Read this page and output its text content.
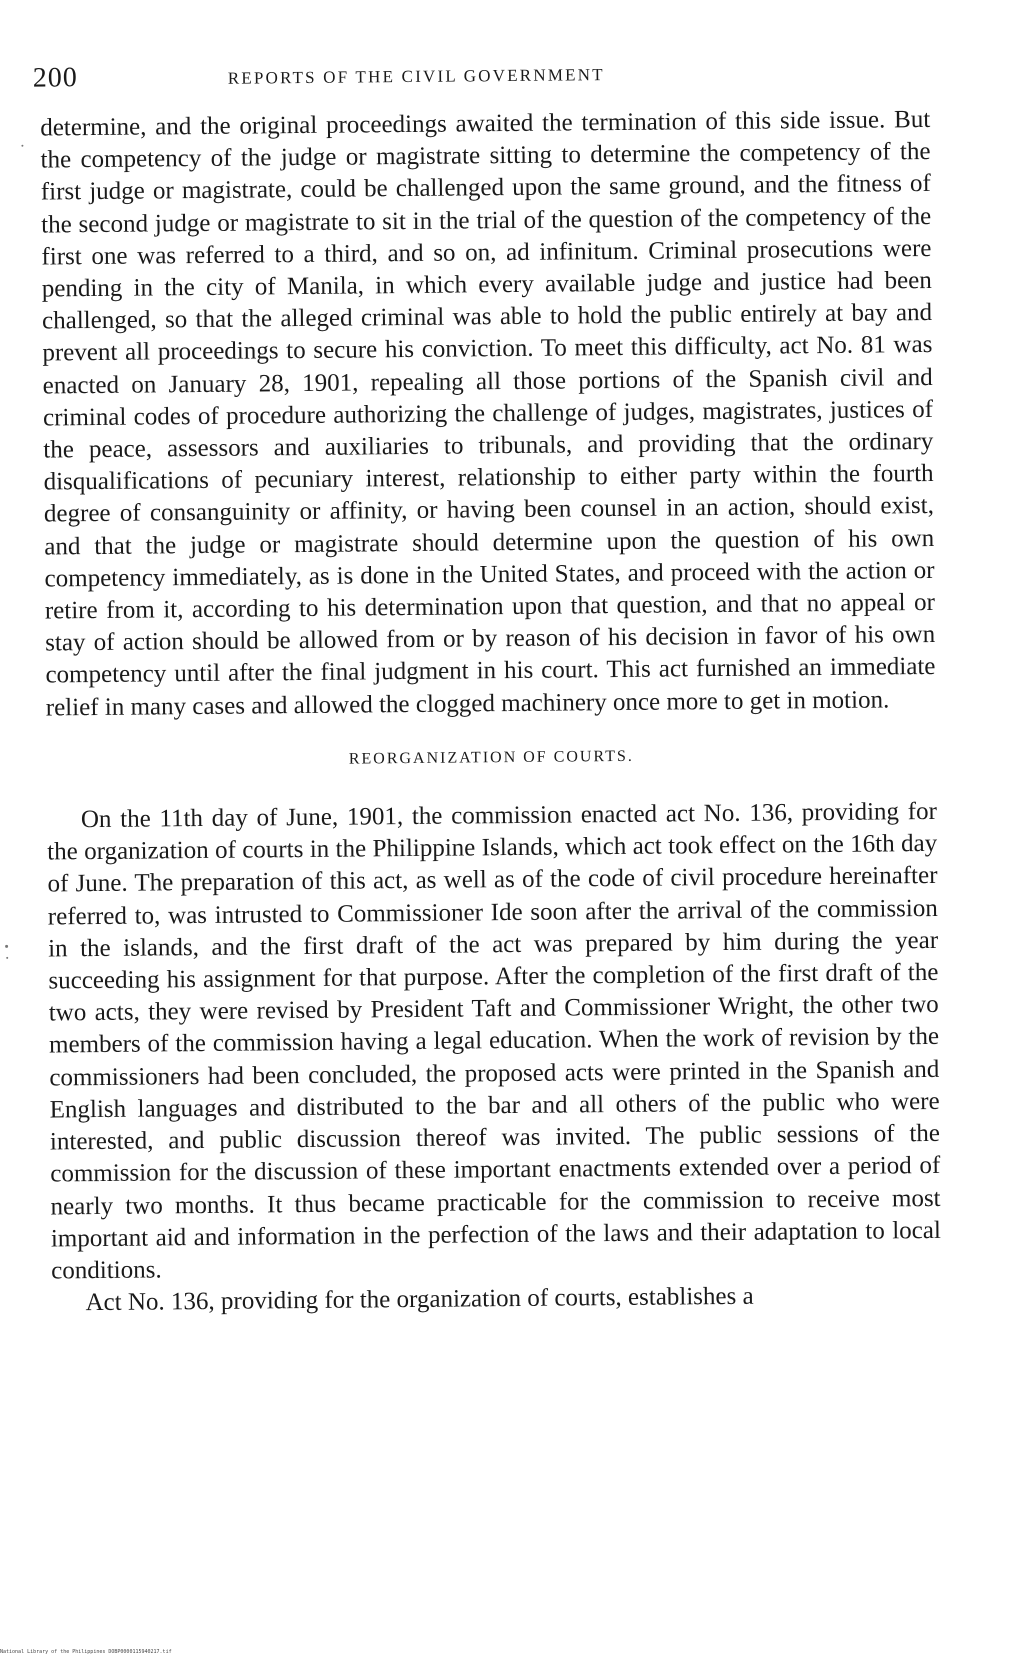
200	REPORTS OF THE CIVIL GOVERNMENT

determine, and the original proceedings awaited the termination of this side issue. But the competency of the judge or magistrate sitting to determine the competency of the first judge or magistrate, could be challenged upon the same ground, and the fitness of the second judge or magistrate to sit in the trial of the question of the competency of the first one was referred to a third, and so on, ad infinitum. Criminal prosecutions were pending in the city of Manila, in which every available judge and justice had been challenged, so that the alleged criminal was able to hold the public entirely at bay and prevent all proceedings to secure his conviction. To meet this difficulty, act No. 81 was enacted on January 28, 1901, repealing all those portions of the Spanish civil and criminal codes of procedure authorizing the challenge of judges, magistrates, justices of the peace, assessors and auxiliaries to tribunals, and providing that the ordinary disqualifications of pecuniary interest, relationship to either party within the fourth degree of consanguinity or affinity, or having been counsel in an action, should exist, and that the judge or magistrate should determine upon the question of his own competency immediately, as is done in the United States, and proceed with the action or retire from it, according to his determination upon that question, and that no appeal or stay of action should be allowed from or by reason of his decision in favor of his own competency until after the final judgment in his court. This act furnished an immediate relief in many cases and allowed the clogged machinery once more to get in motion.

REORGANIZATION OF COURTS.

On the 11th day of June, 1901, the commission enacted act No. 136, providing for the organization of courts in the Philippine Islands, which act took effect on the 16th day of June. The preparation of this act, as well as of the code of civil procedure hereinafter referred to, was intrusted to Commissioner Ide soon after the arrival of the commission in the islands, and the first draft of the act was prepared by him during the year succeeding his assignment for that purpose. After the completion of the first draft of the two acts, they were revised by President Taft and Commissioner Wright, the other two members of the commission having a legal education. When the work of revision by the commissioners had been concluded, the proposed acts were printed in the Spanish and English languages and distributed to the bar and all others of the public who were interested, and public discussion thereof was invited. The public sessions of the commission for the discussion of these important enactments extended over a period of nearly two months. It thus became practicable for the commission to receive most important aid and information in the perfection of the laws and their adaptation to local conditions.

Act No. 136, providing for the organization of courts, establishes a

National Library of the Philippines DOBP0000115940217.tif
